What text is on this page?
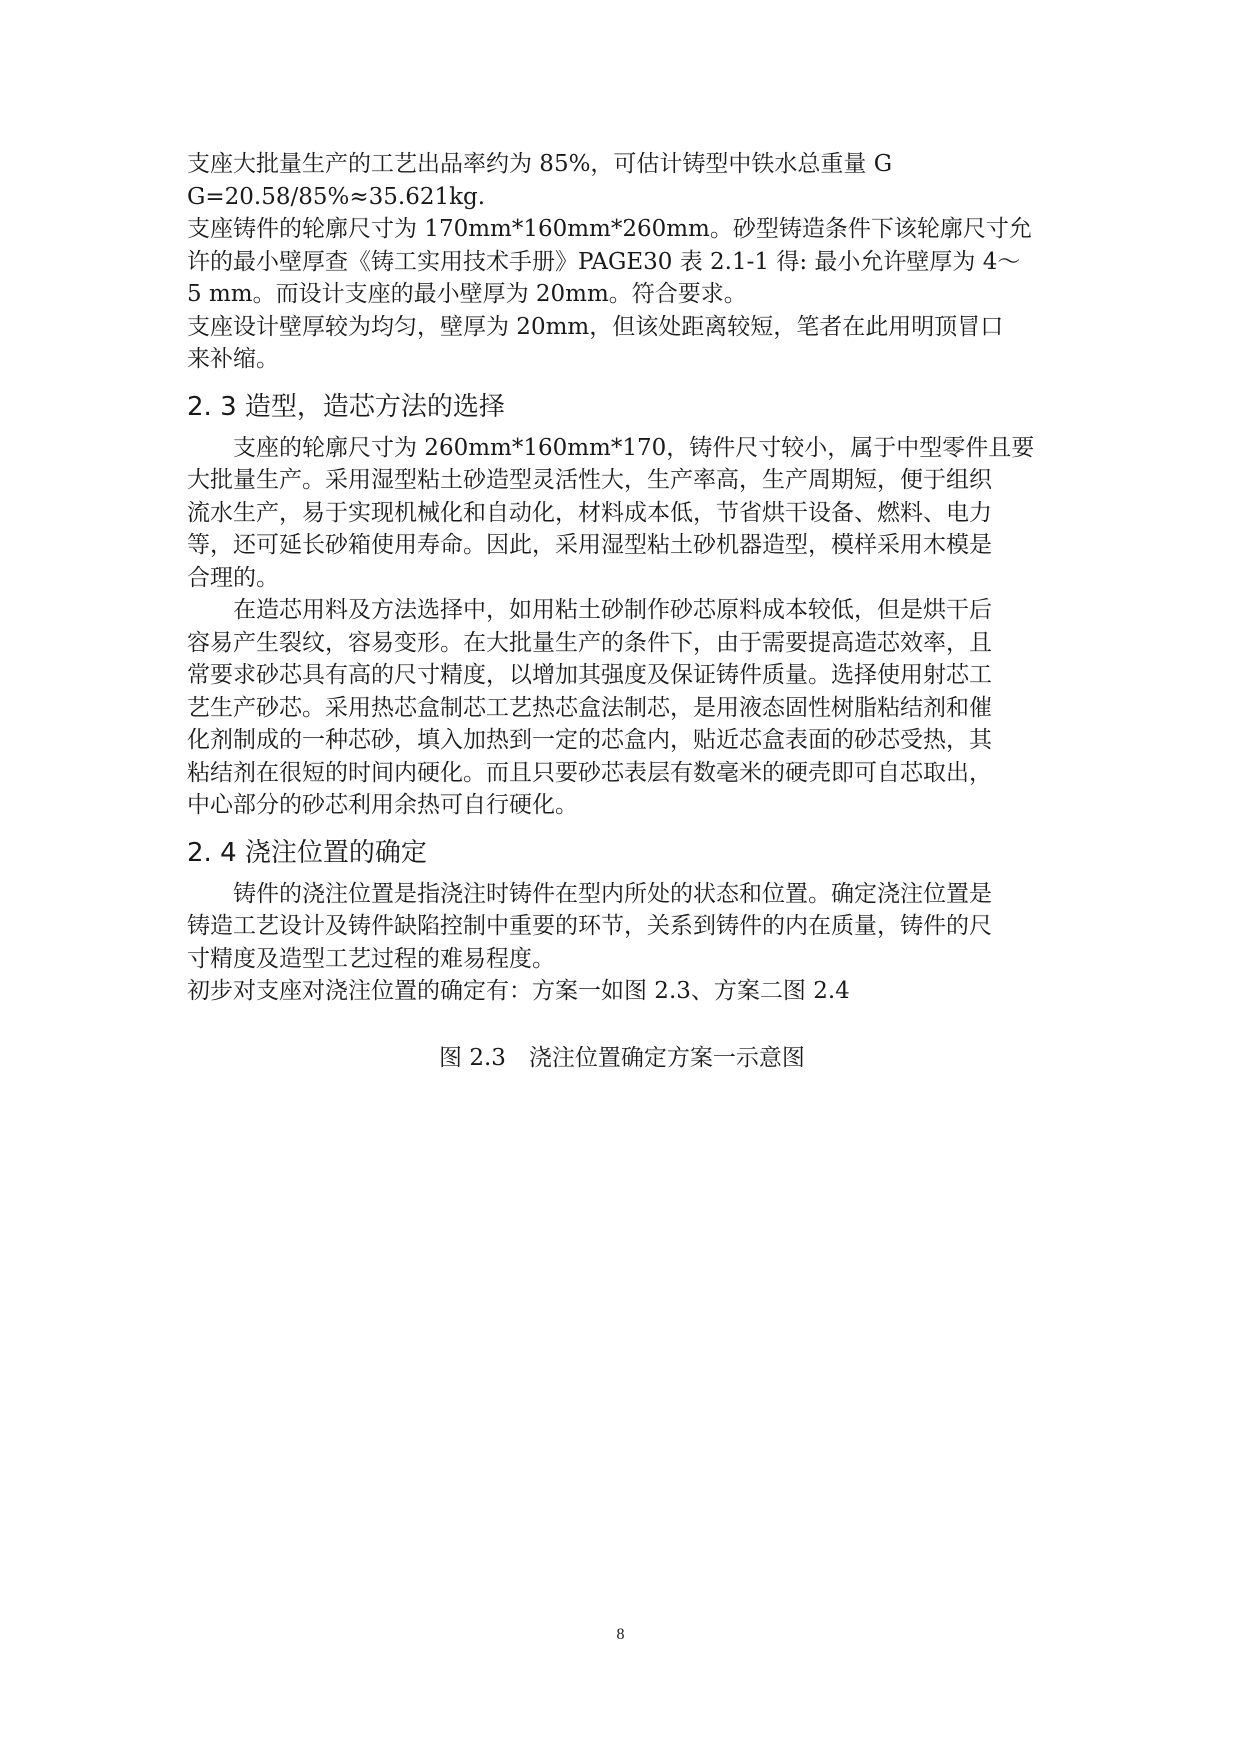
支座大批量生产的工艺出品率约为 85%，可估计铸型中铁水总重量 G
G=20.58/85%≈35.621kg.
支座铸件的轮廓尺寸为 170mm*160mm*260mm。砂型铸造条件下该轮廓尺寸允
许的最小壁厚查《铸工实用技术手册》PAGE30 表 2.1-1 得: 最小允许壁厚为 4～
5 mm。而设计支座的最小壁厚为 20mm。符合要求。
支座设计壁厚较为均匀，壁厚为 20mm，但该处距离较短，笔者在此用明顶冒口
来补缩。
2. 3 造型，造芯方法的选择
支座的轮廓尺寸为 260mm*160mm*170，铸件尺寸较小，属于中型零件且要
大批量生产。采用湿型粘土砂造型灵活性大，生产率高，生产周期短，便于组织
流水生产，易于实现机械化和自动化，材料成本低，节省烘干设备、燃料、电力
等，还可延长砂箱使用寿命。因此，采用湿型粘土砂机器造型，模样采用木模是
合理的。
在造芯用料及方法选择中，如用粘土砂制作砂芯原料成本较低，但是烘干后
容易产生裂纹，容易变形。在大批量生产的条件下，由于需要提高造芯效率，且
常要求砂芯具有高的尺寸精度，以增加其强度及保证铸件质量。选择使用射芯工
艺生产砂芯。采用热芯盒制芯工艺热芯盒法制芯，是用液态固性树脂粘结剂和催
化剂制成的一种芯砂，填入加热到一定的芯盒内，贴近芯盒表面的砂芯受热，其
粘结剂在很短的时间内硬化。而且只要砂芯表层有数毫米的硬壳即可自芯取出，
中心部分的砂芯利用余热可自行硬化。
2. 4 浇注位置的确定
铸件的浇注位置是指浇注时铸件在型内所处的状态和位置。确定浇注位置是
铸造工艺设计及铸件缺陷控制中重要的环节，关系到铸件的内在质量，铸件的尺
寸精度及造型工艺过程的难易程度。
初步对支座对浇注位置的确定有：方案一如图 2.3、方案二图 2.4
图 2.3　浇注位置确定方案一示意图
8
